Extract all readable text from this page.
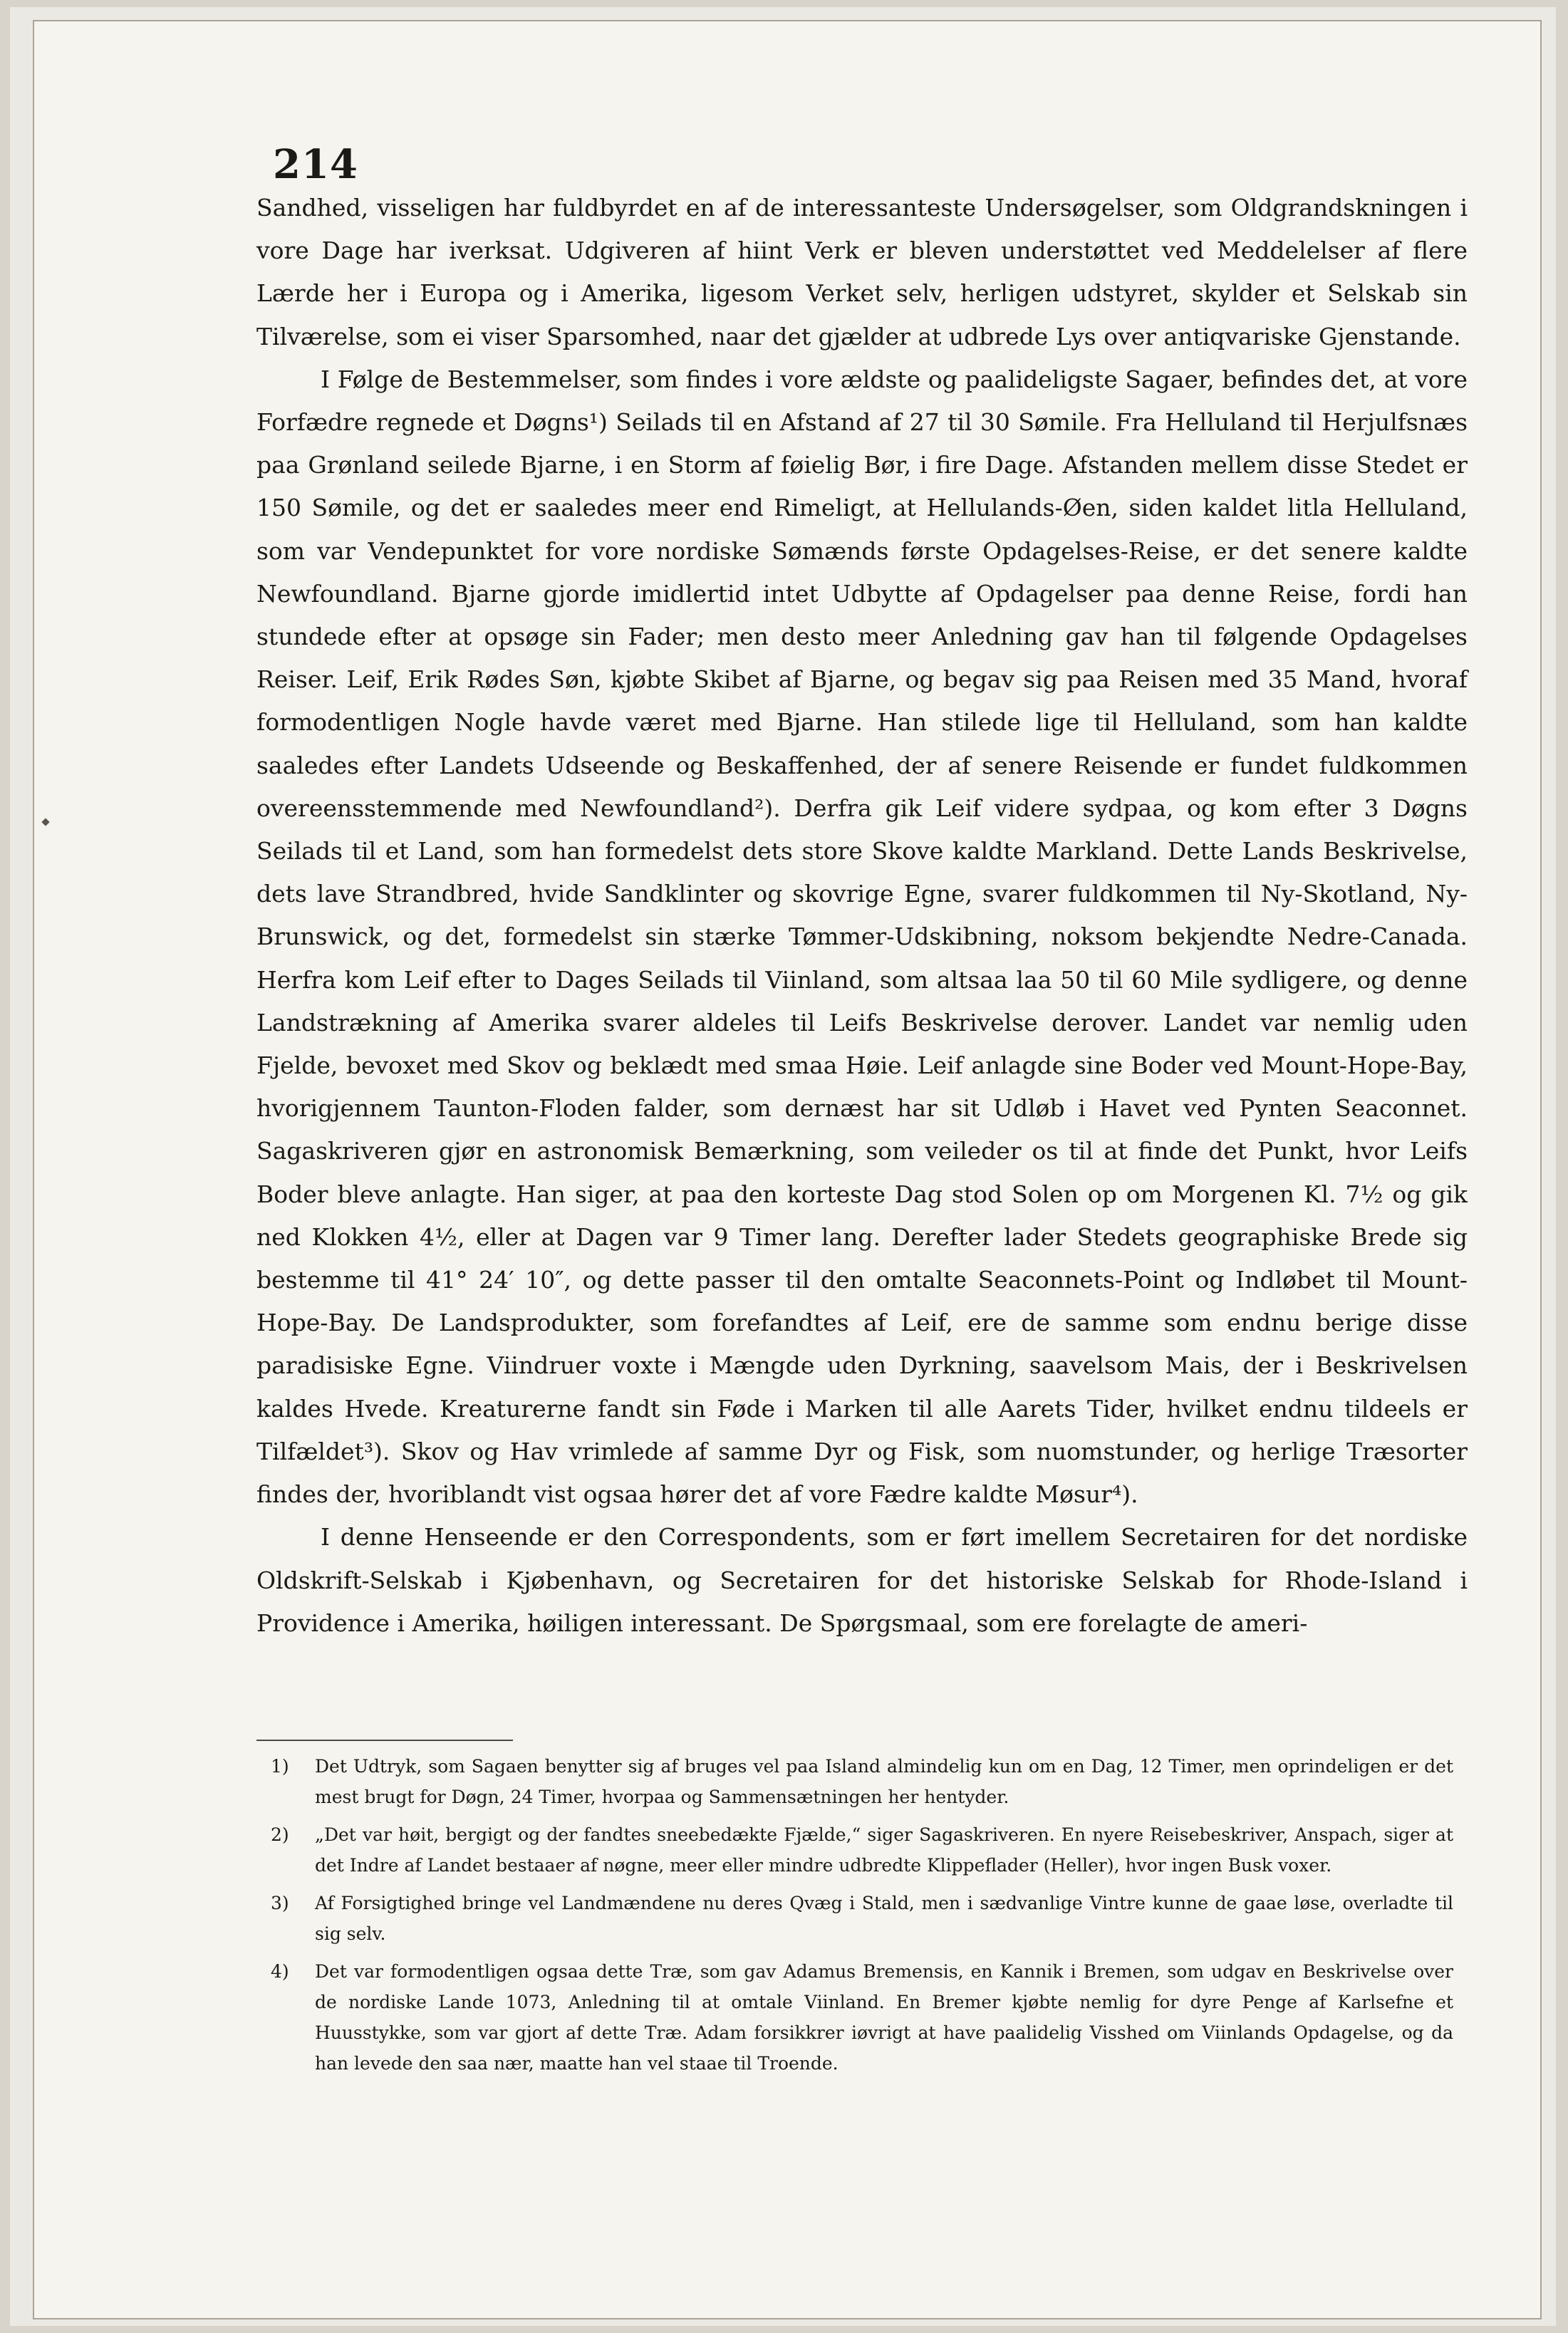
214

Sandhed, visseligen har fuldbyrdet en af de interessanteste Undersøgelser, som Oldgrandskningen i vore Dage har iverksat. Udgiveren af hiint Verk er bleven understøttet ved Meddelelser af flere Lærde her i Europa og i Amerika, ligesom Verket selv, herligen udstyret, skylder et Selskab sin Tilværelse, som ei viser Sparsomhed, naar det gjælder at udbrede Lys over antiqvariske Gjenstande.

I Følge de Bestemmelser, som findes i vore ældste og paalideligste Sagaer, befindes det, at vore Forfædre regnede et Døgns¹) Seilads til en Afstand af 27 til 30 Sømile. Fra Helluland til Herjulfsnæs paa Grønland seilede Bjarne, i en Storm af føielig Bør, i fire Dage. Afstanden mellem disse Stedet er 150 Sømile, og det er saaledes meer end Rimeligt, at Hellulands-Øen, siden kaldet litla Helluland, som var Vendepunktet for vore nordiske Sømænds første Opdagelses-Reise, er det senere kaldte Newfoundland. Bjarne gjorde imidlertid intet Udbytte af Opdagelser paa denne Reise, fordi han stundede efter at opsøge sin Fader; men desto meer Anledning gav han til følgende Opdagelses Reiser. Leif, Erik Rødes Søn, kjøbte Skibet af Bjarne, og begav sig paa Reisen med 35 Mand, hvoraf formodentligen Nogle havde været med Bjarne. Han stilede lige til Helluland, som han kaldte saaledes efter Landets Udseende og Beskaffenhed, der af senere Reisende er fundet fuldkommen overeensstemmende med Newfoundland²). Derfra gik Leif videre sydpaa, og kom efter 3 Døgns Seilads til et Land, som han formedelst dets store Skove kaldte Markland. Dette Lands Beskrivelse, dets lave Strandbred, hvide Sandklinter og skovrige Egne, svarer fuldkommen til Ny-Skotland, Ny-Brunswick, og det, formedelst sin stærke Tømmer-Udskibning, noksom bekjendte Nedre-Canada. Herfra kom Leif efter to Dages Seilads til Viinland, som altsaa laa 50 til 60 Mile sydligere, og denne Landstrækning af Amerika svarer aldeles til Leifs Beskrivelse derover. Landet var nemlig uden Fjelde, bevoxet med Skov og beklædt med smaa Høie. Leif anlagde sine Boder ved Mount-Hope-Bay, hvorigjennem Taunton-Floden falder, som dernæst har sit Udløb i Havet ved Pynten Seaconnet. Sagaskriveren gjør en astronomisk Bemærkning, som veileder os til at finde det Punkt, hvor Leifs Boder bleve anlagte. Han siger, at paa den korteste Dag stod Solen op om Morgenen Kl. 7½ og gik ned Klokken 4½, eller at Dagen var 9 Timer lang. Derefter lader Stedets geographiske Brede sig bestemme til 41° 24′ 10″, og dette passer til den omtalte Seaconnets-Point og Indløbet til Mount-Hope-Bay. De Landsprodukter, som forefandtes af Leif, ere de samme som endnu berige disse paradisiske Egne. Viindruer voxte i Mængde uden Dyrkning, saavelsom Mais, der i Beskrivelsen kaldes Hvede. Kreaturerne fandt sin Føde i Marken til alle Aarets Tider, hvilket endnu tildeels er Tilfældet³). Skov og Hav vrimlede af samme Dyr og Fisk, som nuomstunder, og herlige Træsorter findes der, hvoriblandt vist ogsaa hører det af vore Fædre kaldte Møsur⁴).

I denne Henseende er den Correspondents, som er ført imellem Secretairen for det nordiske Oldskrift-Selskab i Kjøbenhavn, og Secretairen for det historiske Selskab for Rhode-Island i Providence i Amerika, høiligen interessant. De Spørgsmaal, som ere forelagte de ameri-

1) Det Udtryk, som Sagaen benytter sig af bruges vel paa Island almindelig kun om en Dag, 12 Timer, men oprindeligen er det mest brugt for Døgn, 24 Timer, hvorpaa og Sammensætningen her hentyder.
2) „Det var høit, bergigt og der fandtes sneebedækte Fjælde,“ siger Sagaskriveren. En nyere Reisebeskriver, Anspach, siger at det Indre af Landet bestaaer af nøgne, meer eller mindre udbredte Klippeflader (Heller), hvor ingen Busk voxer.
3) Af Forsigtighed bringe vel Landmændene nu deres Qvæg i Stald, men i sædvanlige Vintre kunne de gaae løse, overladte til sig selv.
4) Det var formodentligen ogsaa dette Træ, som gav Adamus Bremensis, en Kannik i Bremen, som udgav en Beskrivelse over de nordiske Lande 1073, Anledning til at omtale Viinland. En Bremer kjøbte nemlig for dyre Penge af Karlsefne et Huusstykke, som var gjort af dette Træ. Adam forsikkrer iøvrigt at have paalidelig Visshed om Viinlands Opdagelse, og da han levede den saa nær, maatte han vel staae til Troende.
